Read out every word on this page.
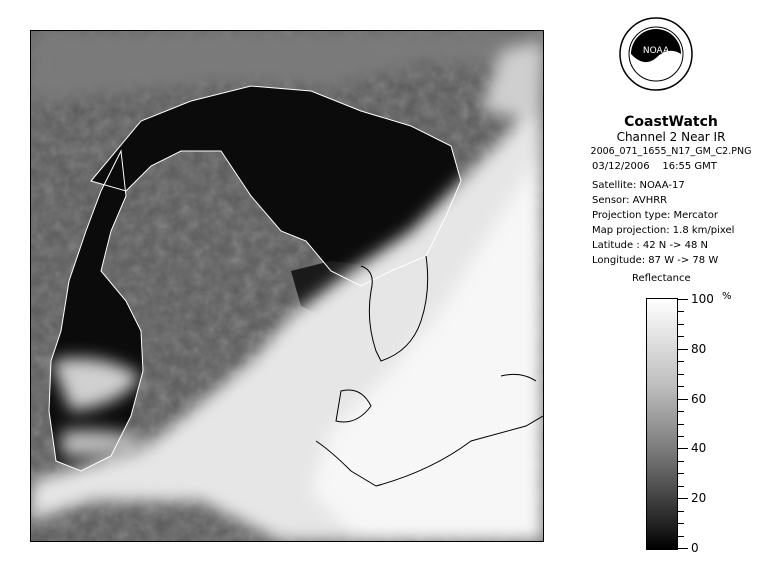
NOAA
CoastWatch
Channel 2 Near IR
2006_071_1655_N17_GM_C2.PNG
03/12/2006 16:55 GMT
Satellite: NOAA-17
Sensor: AVHRR
Projection type: Mercator
Map projection: 1.8 km/pixel
Latitude : 42 N -> 48 N
Longitude: 87 W -> 78 W
Reflectance
%
100
80
60
40
20
0
